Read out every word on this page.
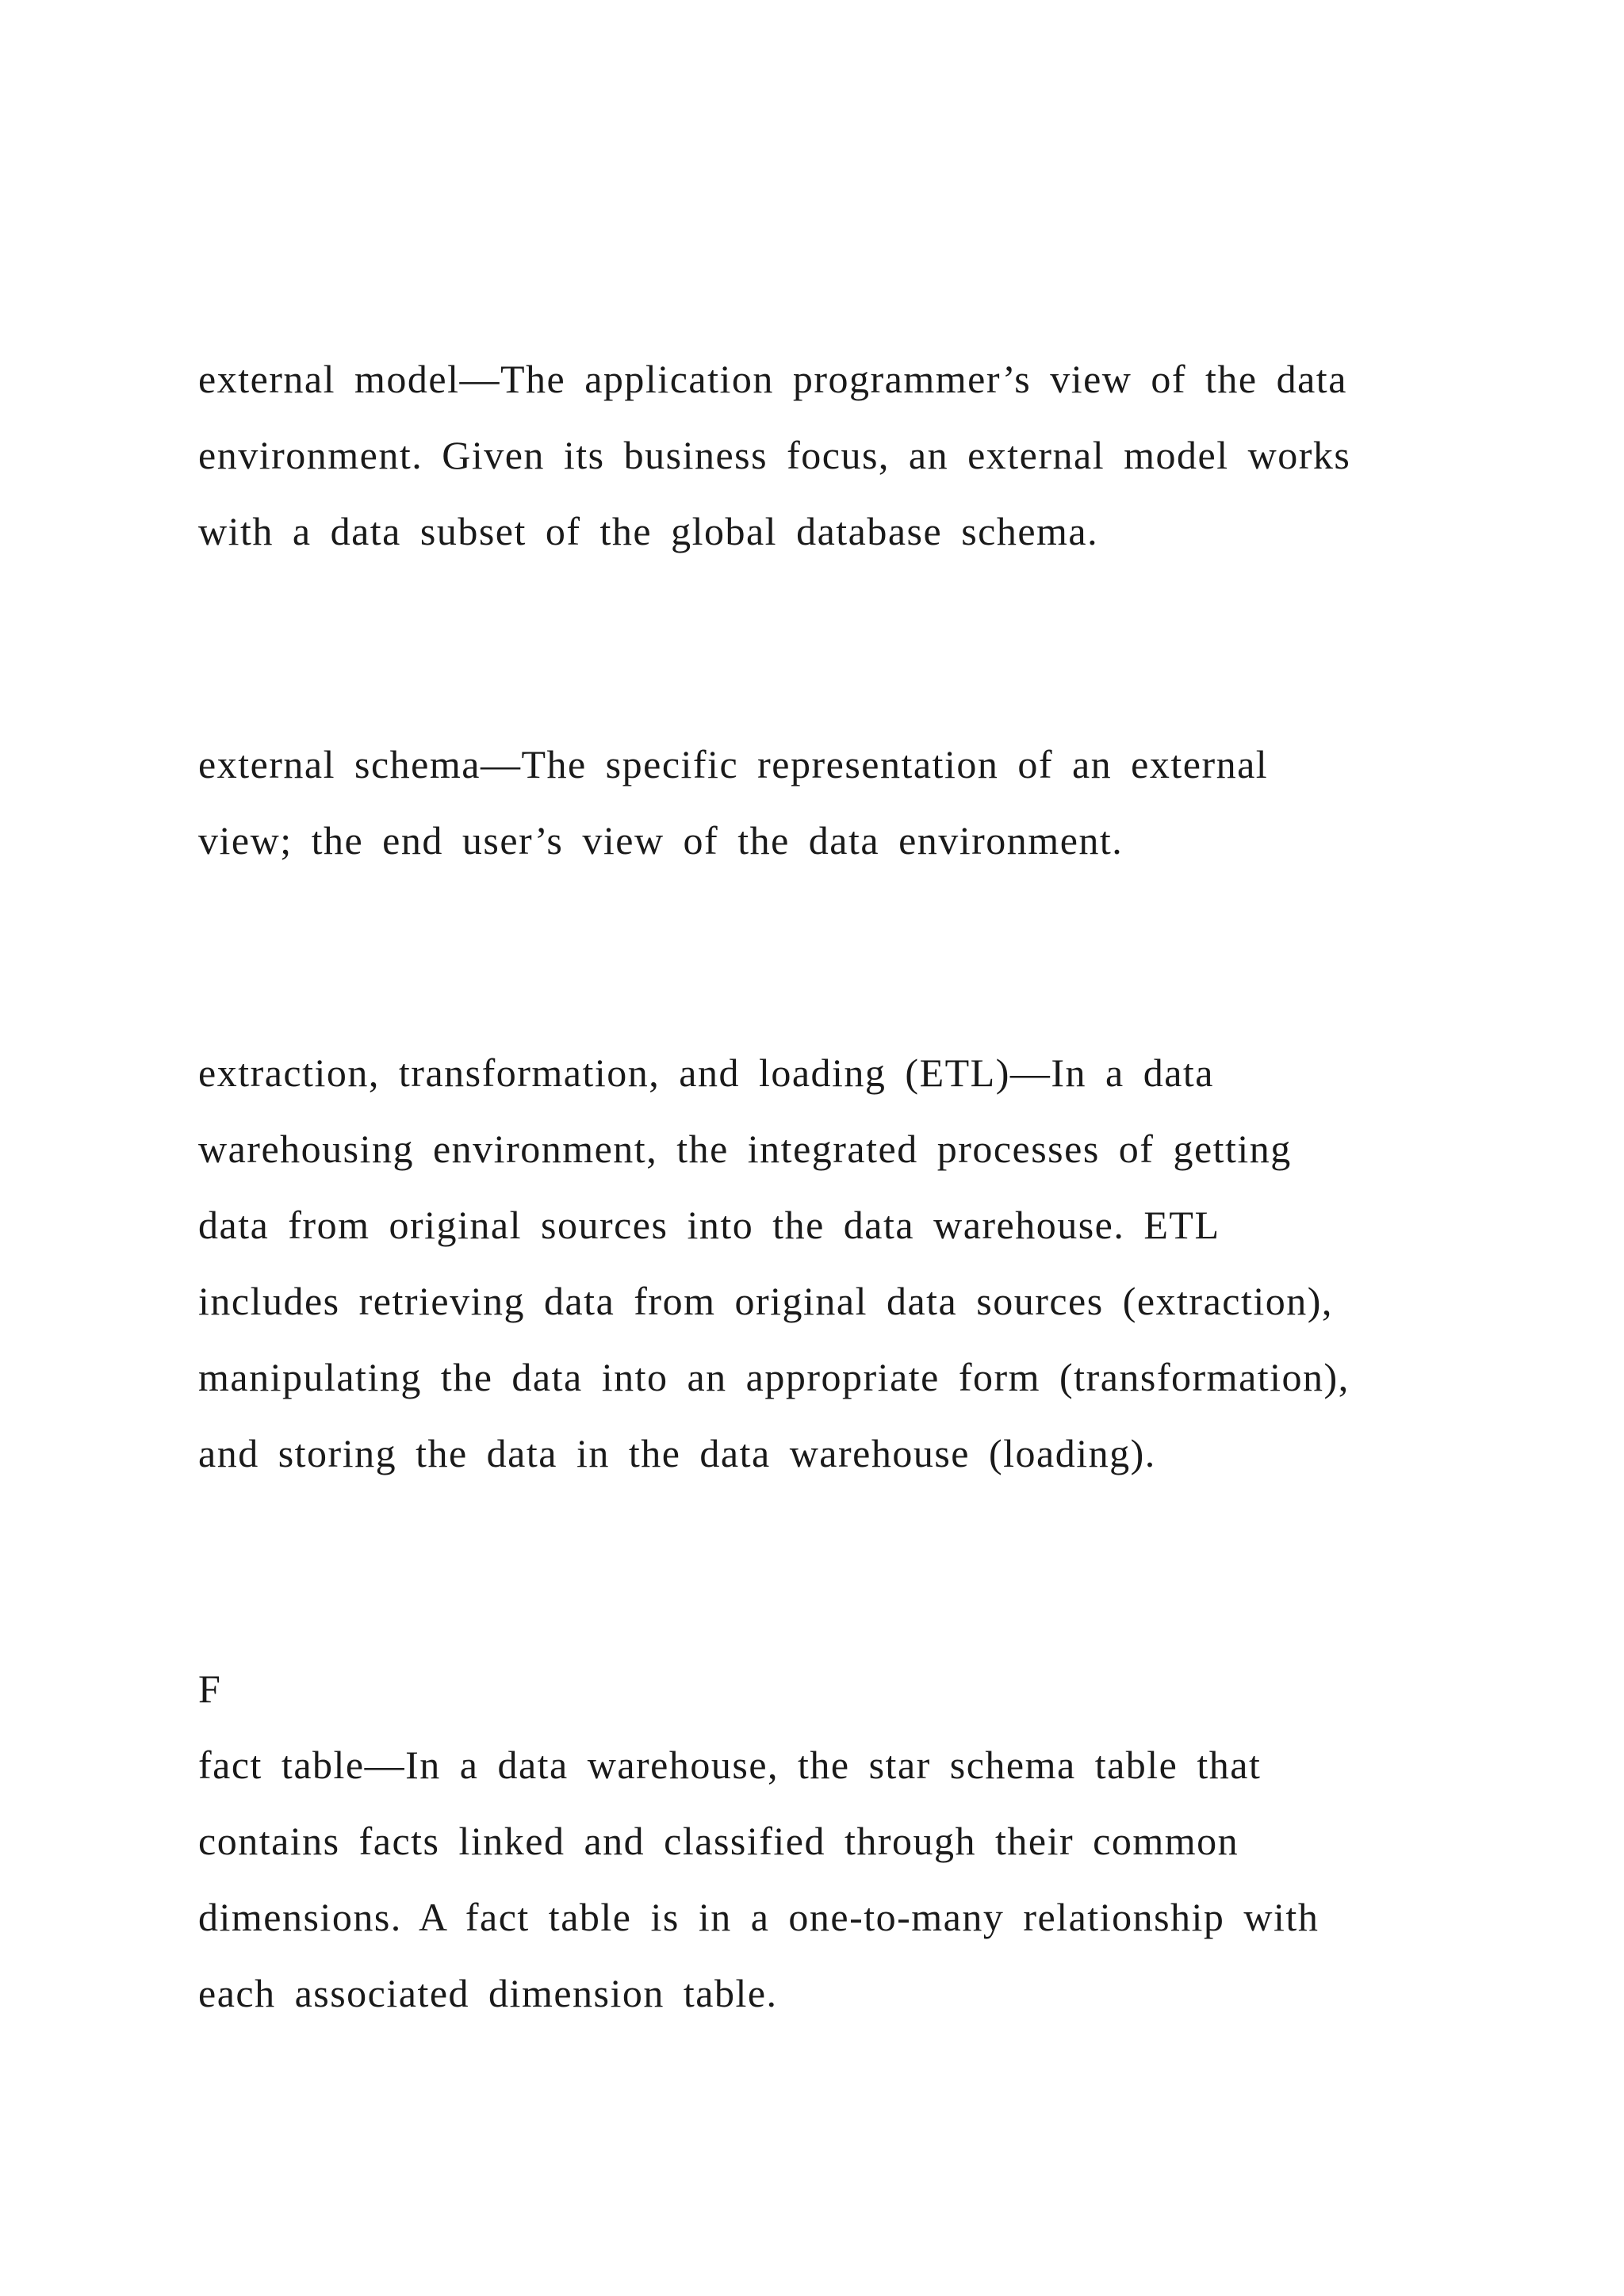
external model—The application programmer’s view of the data
environment. Given its business focus, an external model works
with a data subset of the global database schema.
external schema—The specific representation of an external
view; the end user’s view of the data environment.
extraction, transformation, and loading (ETL)—In a data
warehousing environment, the integrated processes of getting
data from original sources into the data warehouse. ETL
includes retrieving data from original data sources (extraction),
manipulating the data into an appropriate form (transformation),
and storing the data in the data warehouse (loading).
F
fact table—In a data warehouse, the star schema table that
contains facts linked and classified through their common
dimensions. A fact table is in a one-to-many relationship with
each associated dimension table.
